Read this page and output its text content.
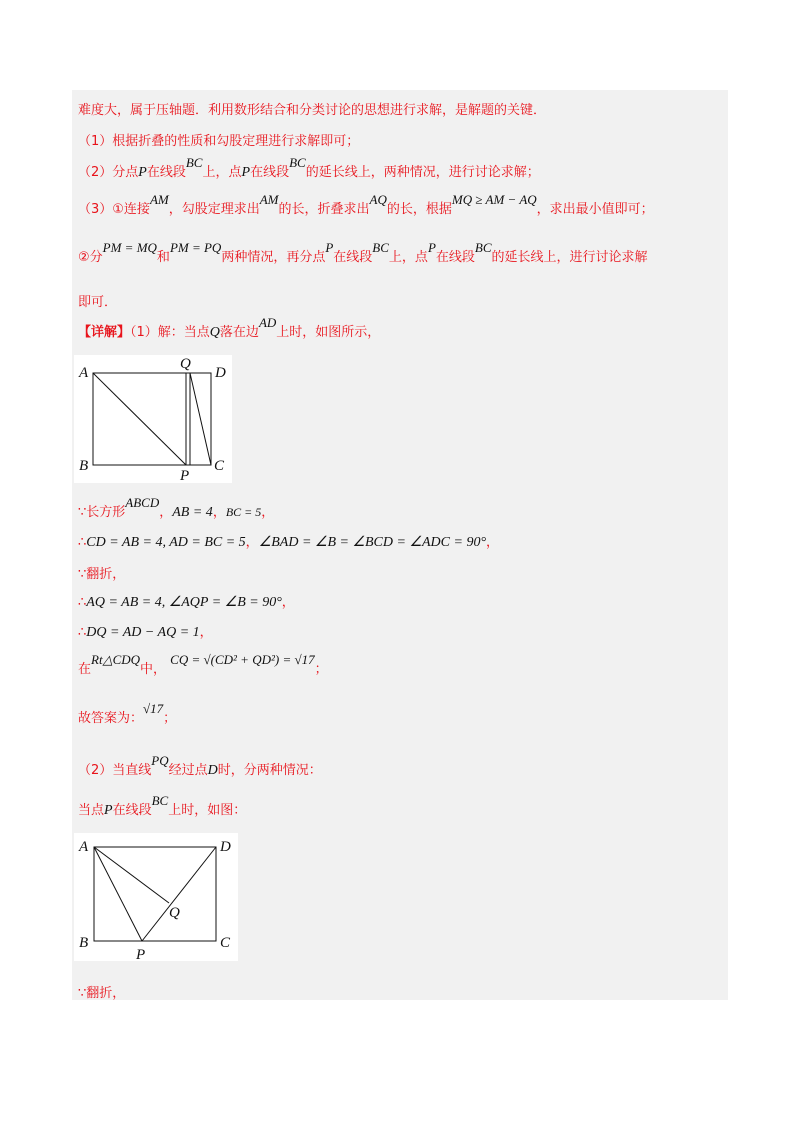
难度大，属于压轴题．利用数形结合和分类讨论的思想进行求解，是解题的关键．
（1）根据折叠的性质和勾股定理进行求解即可；
（2）分点P在线段BC上，点P在线段BC的延长线上，两种情况，进行讨论求解；
（3）①连接AM，勾股定理求出AM的长，折叠求出AQ的长，根据MQ ≥ AM − AQ，求出最小值即可；
②分PM = MQ和PM = PQ两种情况，再分点P在线段BC上，点P在线段BC的延长线上，进行讨论求解
即可．
【详解】（1）解：当点Q落在边AD上时，如图所示，
A
B	C
D
P
Q
∵长方形ABCD，AB = 4，BC = 5，
∴CD = AB = 4, AD = BC = 5，∠BAD = ∠B = ∠BCD = ∠ADC = 90°，
∵翻折，
∴AQ = AB = 4, ∠AQP = ∠B = 90°，
∴DQ = AD − AQ = 1，
在Rt△CDQ中， CQ = √(CD² + QD²) = √17；
故答案为：√17；
（2）当直线PQ经过点D时，分两种情况：
当点P在线段BC上时，如图：
A
B	C
D
P
Q
∵翻折，
